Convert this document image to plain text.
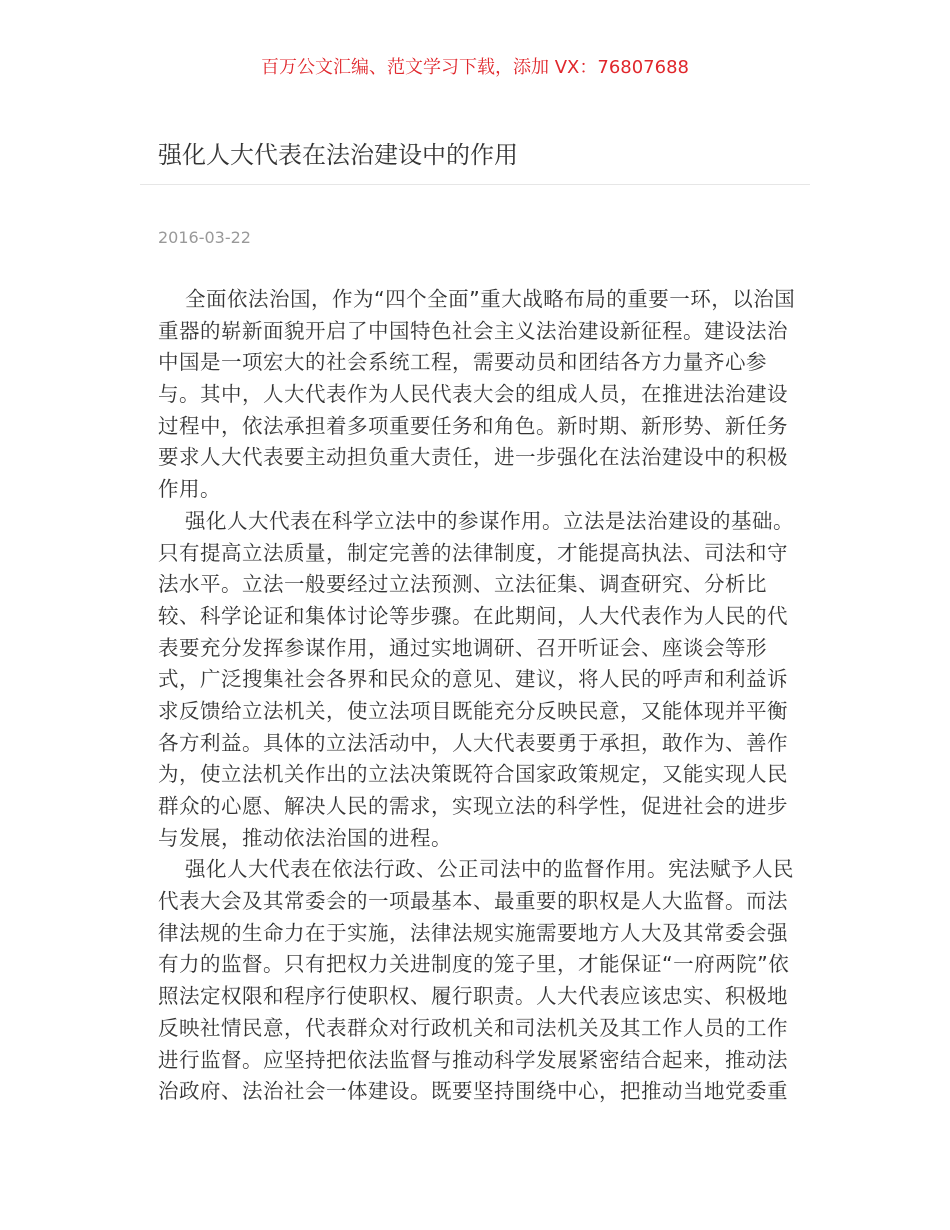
百万公文汇编、范文学习下载，添加 VX：76807688
强化人大代表在法治建设中的作用
2016-03-22
全面依法治国，作为“四个全面”重大战略布局的重要一环，以治国
重器的崭新面貌开启了中国特色社会主义法治建设新征程。建设法治
中国是一项宏大的社会系统工程，需要动员和团结各方力量齐心参
与。其中，人大代表作为人民代表大会的组成人员，在推进法治建设
过程中，依法承担着多项重要任务和角色。新时期、新形势、新任务
要求人大代表要主动担负重大责任，进一步强化在法治建设中的积极
作用。
强化人大代表在科学立法中的参谋作用。立法是法治建设的基础。
只有提高立法质量，制定完善的法律制度，才能提高执法、司法和守
法水平。立法一般要经过立法预测、立法征集、调查研究、分析比
较、科学论证和集体讨论等步骤。在此期间，人大代表作为人民的代
表要充分发挥参谋作用，通过实地调研、召开听证会、座谈会等形
式，广泛搜集社会各界和民众的意见、建议，将人民的呼声和利益诉
求反馈给立法机关，使立法项目既能充分反映民意，又能体现并平衡
各方利益。具体的立法活动中，人大代表要勇于承担，敢作为、善作
为，使立法机关作出的立法决策既符合国家政策规定，又能实现人民
群众的心愿、解决人民的需求，实现立法的科学性，促进社会的进步
与发展，推动依法治国的进程。
强化人大代表在依法行政、公正司法中的监督作用。宪法赋予人民
代表大会及其常委会的一项最基本、最重要的职权是人大监督。而法
律法规的生命力在于实施，法律法规实施需要地方人大及其常委会强
有力的监督。只有把权力关进制度的笼子里，才能保证“一府两院”依
照法定权限和程序行使职权、履行职责。人大代表应该忠实、积极地
反映社情民意，代表群众对行政机关和司法机关及其工作人员的工作
进行监督。应坚持把依法监督与推动科学发展紧密结合起来，推动法
治政府、法治社会一体建设。既要坚持围绕中心，把推动当地党委重
